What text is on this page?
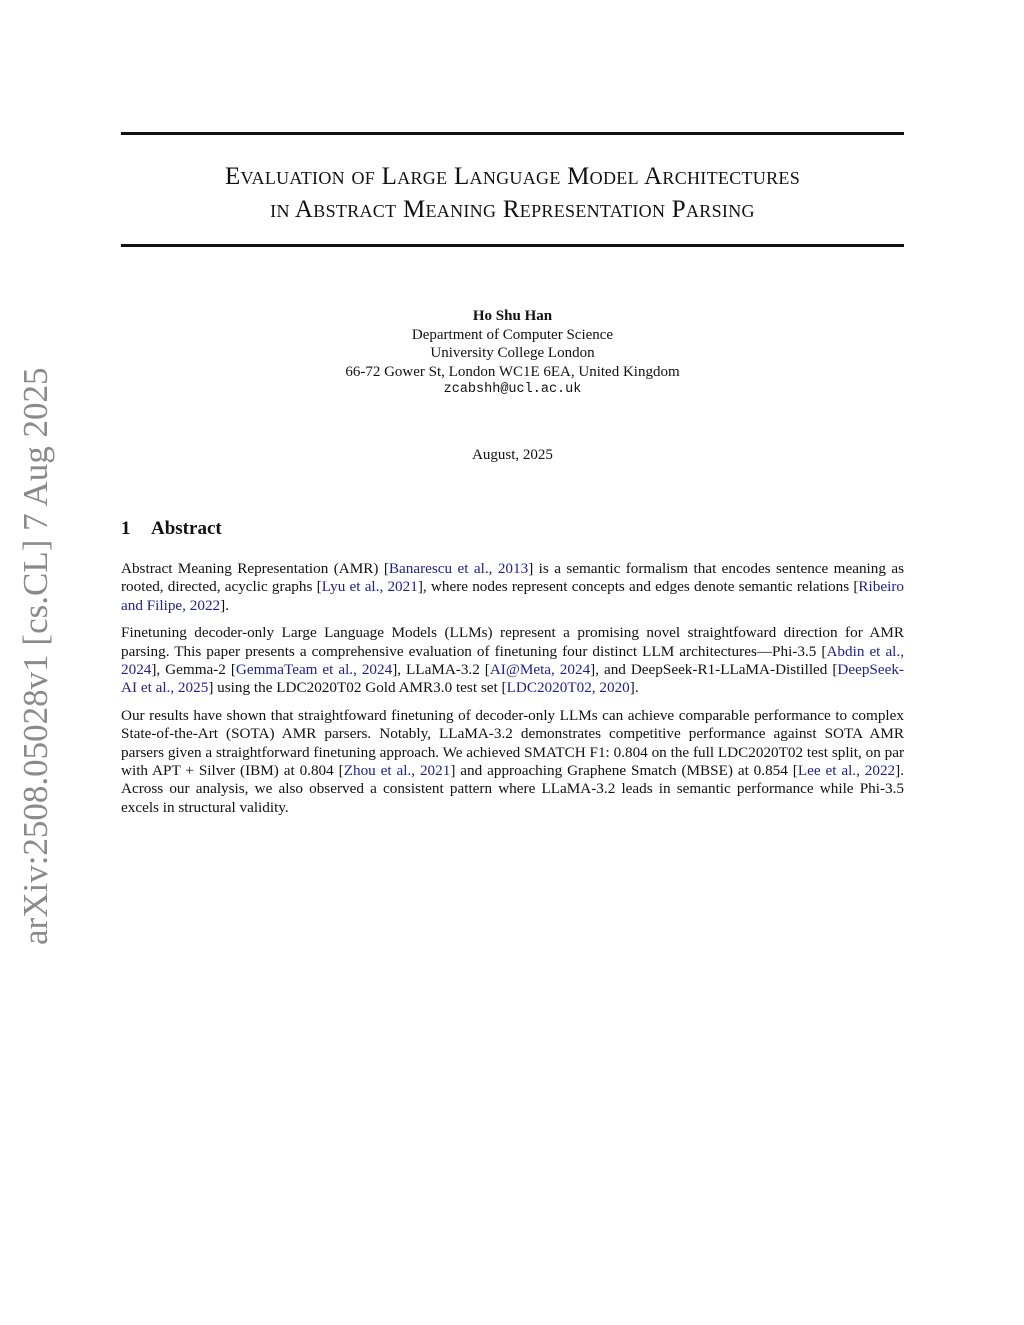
arXiv:2508.05028v1 [cs.CL] 7 Aug 2025
Evaluation of Large Language Model Architectures
in Abstract Meaning Representation Parsing
Ho Shu Han
Department of Computer Science
University College London
66-72 Gower St, London WC1E 6EA, United Kingdom
zcabshh@ucl.ac.uk
August, 2025
1 Abstract

Abstract Meaning Representation (AMR) [Banarescu et al., 2013] is a semantic formalism that encodes sentence meaning as rooted, directed, acyclic graphs [Lyu et al., 2021], where nodes represent concepts and edges denote semantic relations [Ribeiro and Filipe, 2022].

Finetuning decoder-only Large Language Models (LLMs) represent a promising novel straightfoward direction for AMR parsing. This paper presents a comprehensive evaluation of finetuning four distinct LLM architectures—Phi-3.5 [Abdin et al., 2024], Gemma-2 [GemmaTeam et al., 2024], LLaMA-3.2 [AI@Meta, 2024], and DeepSeek-R1-LLaMA-Distilled [DeepSeek-AI et al., 2025] using the LDC2020T02 Gold AMR3.0 test set [LDC2020T02, 2020].

Our results have shown that straightfoward finetuning of decoder-only LLMs can achieve comparable performance to complex State-of-the-Art (SOTA) AMR parsers. Notably, LLaMA-3.2 demonstrates competitive performance against SOTA AMR parsers given a straightforward finetuning approach. We achieved SMATCH F1: 0.804 on the full LDC2020T02 test split, on par with APT + Silver (IBM) at 0.804 [Zhou et al., 2021] and approaching Graphene Smatch (MBSE) at 0.854 [Lee et al., 2022]. Across our analysis, we also observed a consistent pattern where LLaMA-3.2 leads in semantic performance while Phi-3.5 excels in structural validity.
